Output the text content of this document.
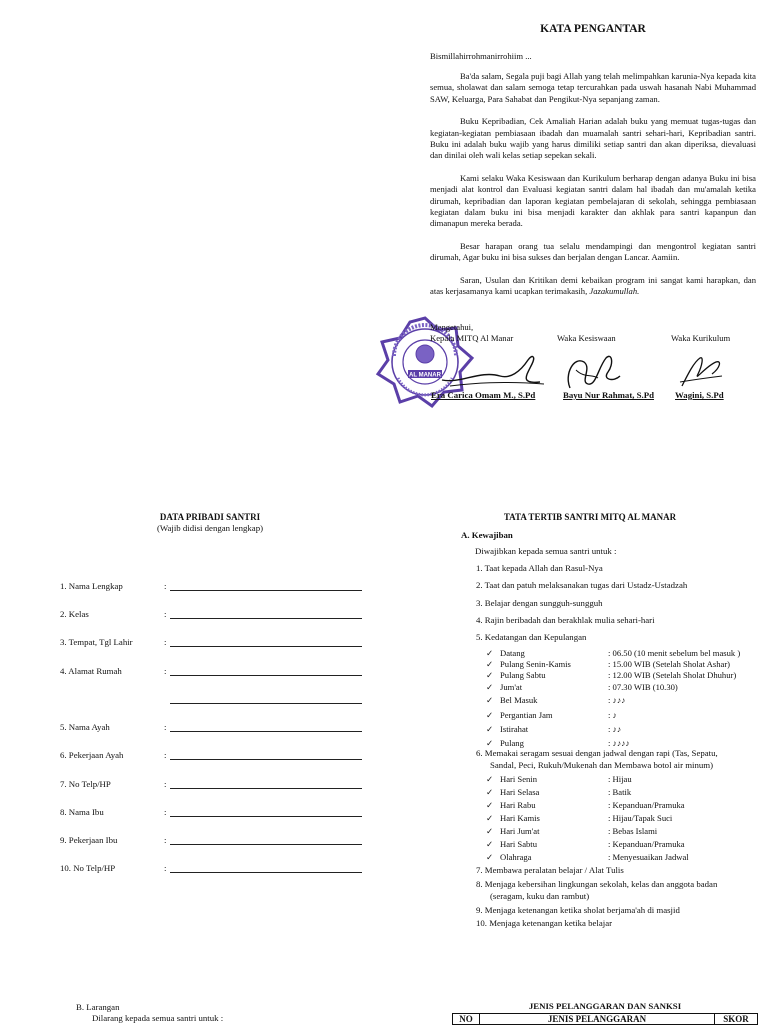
KATA PENGANTAR
Bismillahirrohmanirrohiim ...

Ba'da salam, Segala puji bagi Allah yang telah melimpahkan karunia-Nya kepada kita semua, sholawat dan salam semoga tetap tercurahkan pada uswah hasanah Nabi Muhammad SAW, Keluarga, Para Sahabat dan Pengikut-Nya sepanjang zaman.

Buku Kepribadian, Cek Amaliah Harian adalah buku yang memuat tugas-tugas dan kegiatan-kegiatan pembiasaan ibadah dan muamalah santri sehari-hari, Kepribadian santri. Buku ini adalah buku wajib yang harus dimiliki setiap santri dan akan diperiksa, dievaluasi dan dinilai oleh wali kelas setiap sepekan sekali.

Kami selaku Waka Kesiswaan dan Kurikulum berharap dengan adanya Buku ini bisa menjadi alat kontrol dan Evaluasi kegiatan santri dalam hal ibadah dan mu'amalah ketika dirumah, kepribadian dan laporan kegiatan pembelajaran di sekolah, sehingga pembiasaan kegiatan dalam buku ini bisa menjadi karakter dan akhlak para santri kapanpun dan dimanapun mereka berada.

Besar harapan orang tua selalu mendampingi dan mengontrol kegiatan santri dirumah, Agar buku ini bisa sukses dan berjalan dengan Lancar. Aamiin.

Saran, Usulan dan Kritikan demi kebaikan program ini sangat kami harapkan, dan atas kerjasamanya kami ucapkan terimakasih, Jazakumullah.

AL MANAR
Mengetahui,
Kepala MITQ Al Manar	Waka Kesiswaan	Waka Kurikulum
Era Carica Omam M., S.Pd	Bayu Nur Rahmat, S.Pd Wagini, S.Pd
DATA PRIBADI SANTRI
(Wajib didisi dengan lengkap)
1. Nama Lengkap	:
2. Kelas	:
3. Tempat, Tgl Lahir	:
4. Alamat Rumah	:
5. Nama Ayah	:
6. Pekerjaan Ayah	:
7. No Telp/HP	:
8. Nama Ibu	:
9. Pekerjaan Ibu	:
10. No Telp/HP	:
TATA TERTIB SANTRI MITQ AL MANAR
A. Kewajiban
Diwajibkan kepada semua santri untuk :
1. Taat kepada Allah dan Rasul-Nya
2. Taat dan patuh melaksanakan tugas dari Ustadz-Ustadzah
3. Belajar dengan sungguh-sungguh
4. Rajin beribadah dan berakhlak mulia sehari-hari
5. Kedatangan dan Kepulangan
✓ Datang	: 06.50 (10 menit sebelum bel masuk )
✓ Pulang Senin-Kamis	: 15.00 WIB (Setelah Sholat Ashar)
✓ Pulang Sabtu	: 12.00 WIB (Setelah Sholat Dhuhur)
✓ Jum'at	: 07.30 WIB (10.30)
✓ Bel Masuk	: ♪♪♪
✓ Pergantian Jam	: ♪
✓ Istirahat	: ♪♪
✓ Pulang	: ♪♪♪♪
6. Memakai seragam sesuai dengan jadwal dengan rapi (Tas, Sepatu,
Sandal, Peci, Rukuh/Mukenah dan Membawa botol air minum)
✓ Hari Senin	: Hijau
✓ Hari Selasa	: Batik
✓ Hari Rabu	: Kepanduan/Pramuka
✓ Hari Kamis	: Hijau/Tapak Suci
✓ Hari Jum'at	: Bebas Islami
✓ Hari Sabtu	: Kepanduan/Pramuka
✓ Olahraga	: Menyesuaikan Jadwal
7. Membawa peralatan belajar / Alat Tulis
8. Menjaga kebersihan lingkungan sekolah, kelas dan anggota badan
(seragam, kuku dan rambut)
9. Menjaga ketenangan ketika sholat berjama'ah di masjid
10. Menjaga ketenangan ketika belajar
B. Larangan
Dilarang kepada semua santri untuk :
JENIS PELANGGARAN DAN SANKSI
NO	JENIS PELANGGARAN	SKOR
